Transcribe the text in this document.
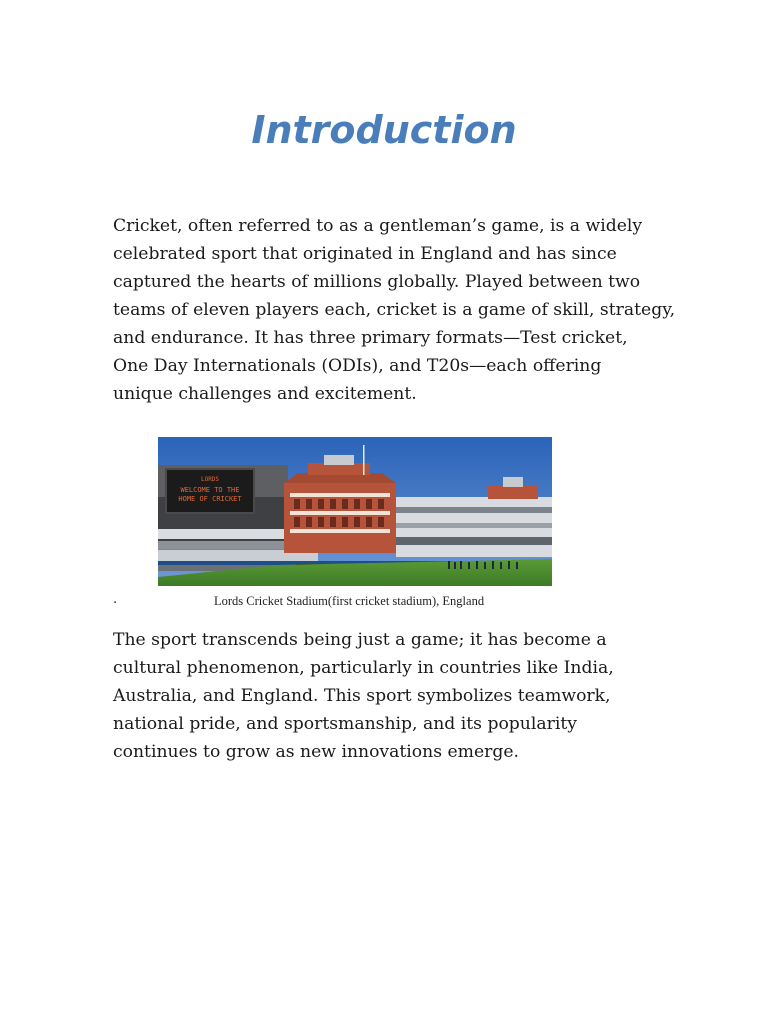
Introduction

Cricket, often referred to as a gentleman’s game, is a widely
celebrated sport that originated in England and has since
captured the hearts of millions globally. Played between two
teams of eleven players each, cricket is a game of skill, strategy,
and endurance. It has three primary formats—Test cricket,
One Day Internationals (ODIs), and T20s—each offering
unique challenges and excitement.

LORDS
WELCOME TO THE
HOME OF CRICKET
.	Lords Cricket Stadium(first cricket stadium), England

The sport transcends being just a game; it has become a
cultural phenomenon, particularly in countries like India,
Australia, and England. This sport symbolizes teamwork,
national pride, and sportsmanship, and its popularity
continues to grow as new innovations emerge.
